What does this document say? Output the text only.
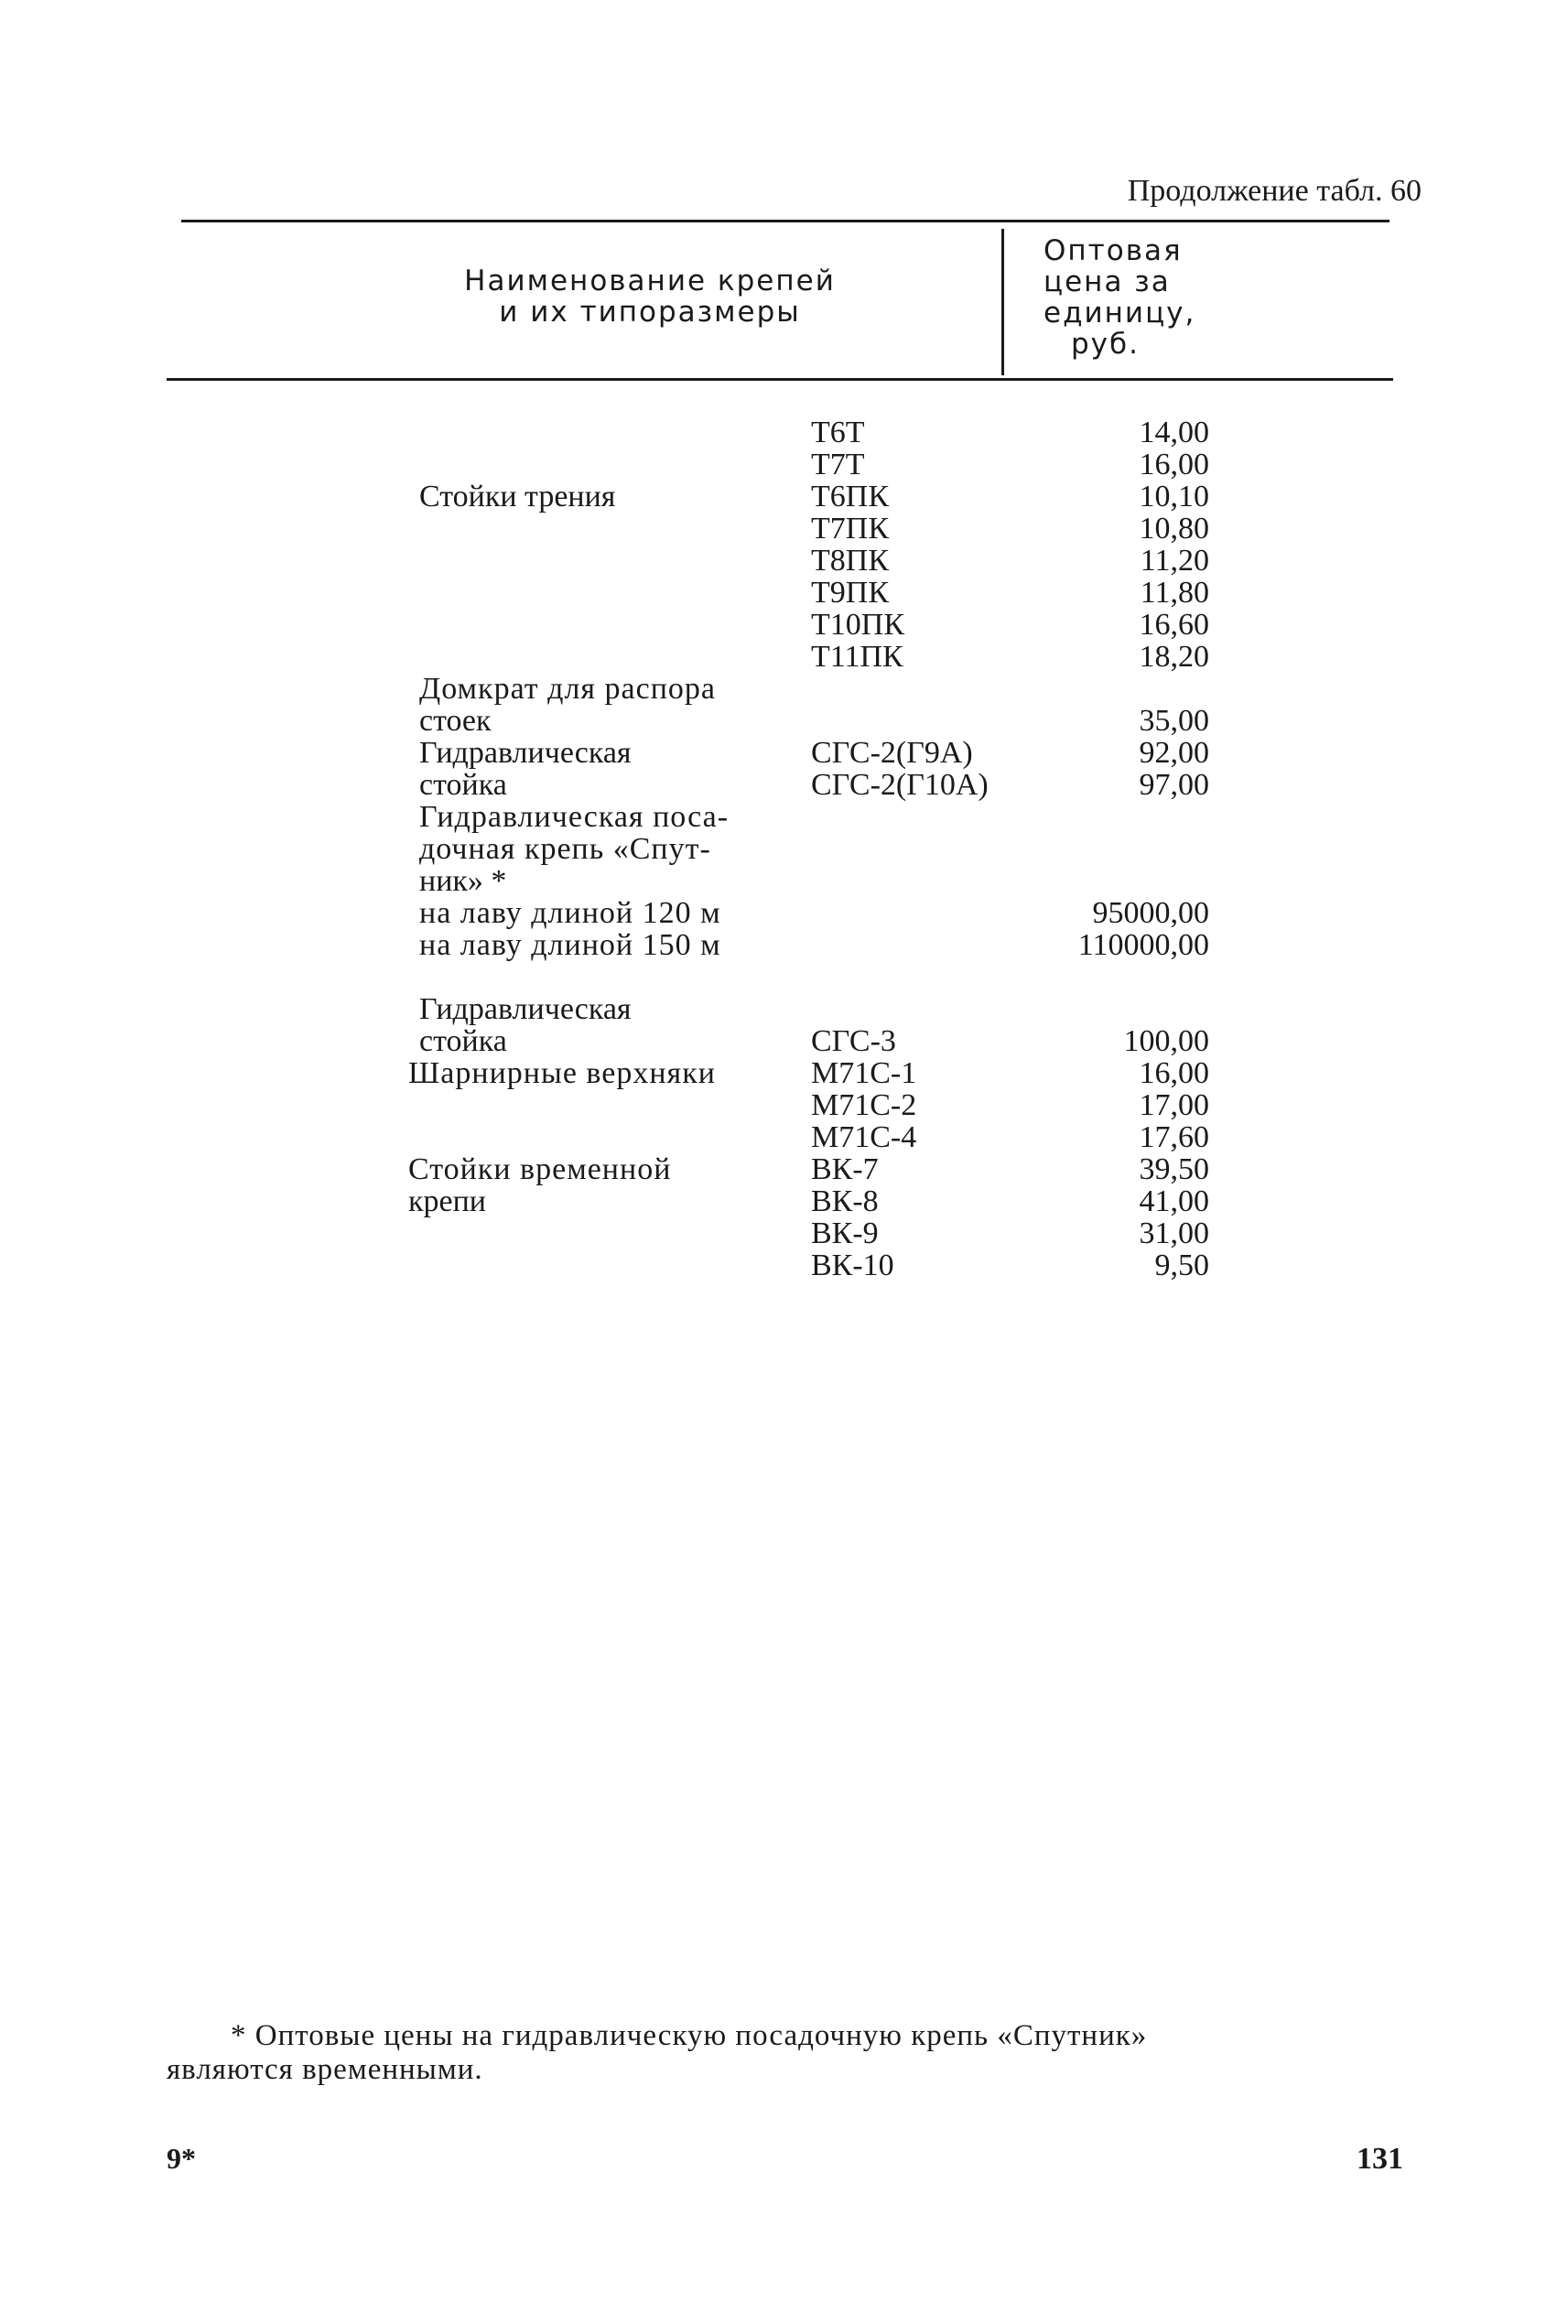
Продолжение табл. 60
Наименование крепей
и их типоразмеры
Оптовая
цена за
единицу,
руб.
Т6Т	14,00
Т7Т	16,00
Стойки трения	Т6ПК	10,10
Т7ПК	10,80
Т8ПК	11,20
Т9ПК	11,80
Т10ПК	16,60
Т11ПК	18,20
Домкрат для распора
стоек	35,00
Гидравлическая	СГС-2(Г9А)	92,00
стойка	СГС-2(Г10А)	97,00
Гидравлическая поса-
дочная крепь «Спут-
ник» *
на лаву длиной 120 м	95000,00
на лаву длиной 150 м	110000,00
Гидравлическая
стойка	СГС-3	100,00
Шарнирные верхняки	М71С-1	16,00
М71С-2	17,00
М71С-4	17,60
Стойки временной	ВК-7	39,50
крепи	ВК-8	41,00
ВК-9	31,00
ВК-10	9,50
* Оптовые цены на гидравлическую посадочную крепь «Спутник»
являются временными.
9*	131
